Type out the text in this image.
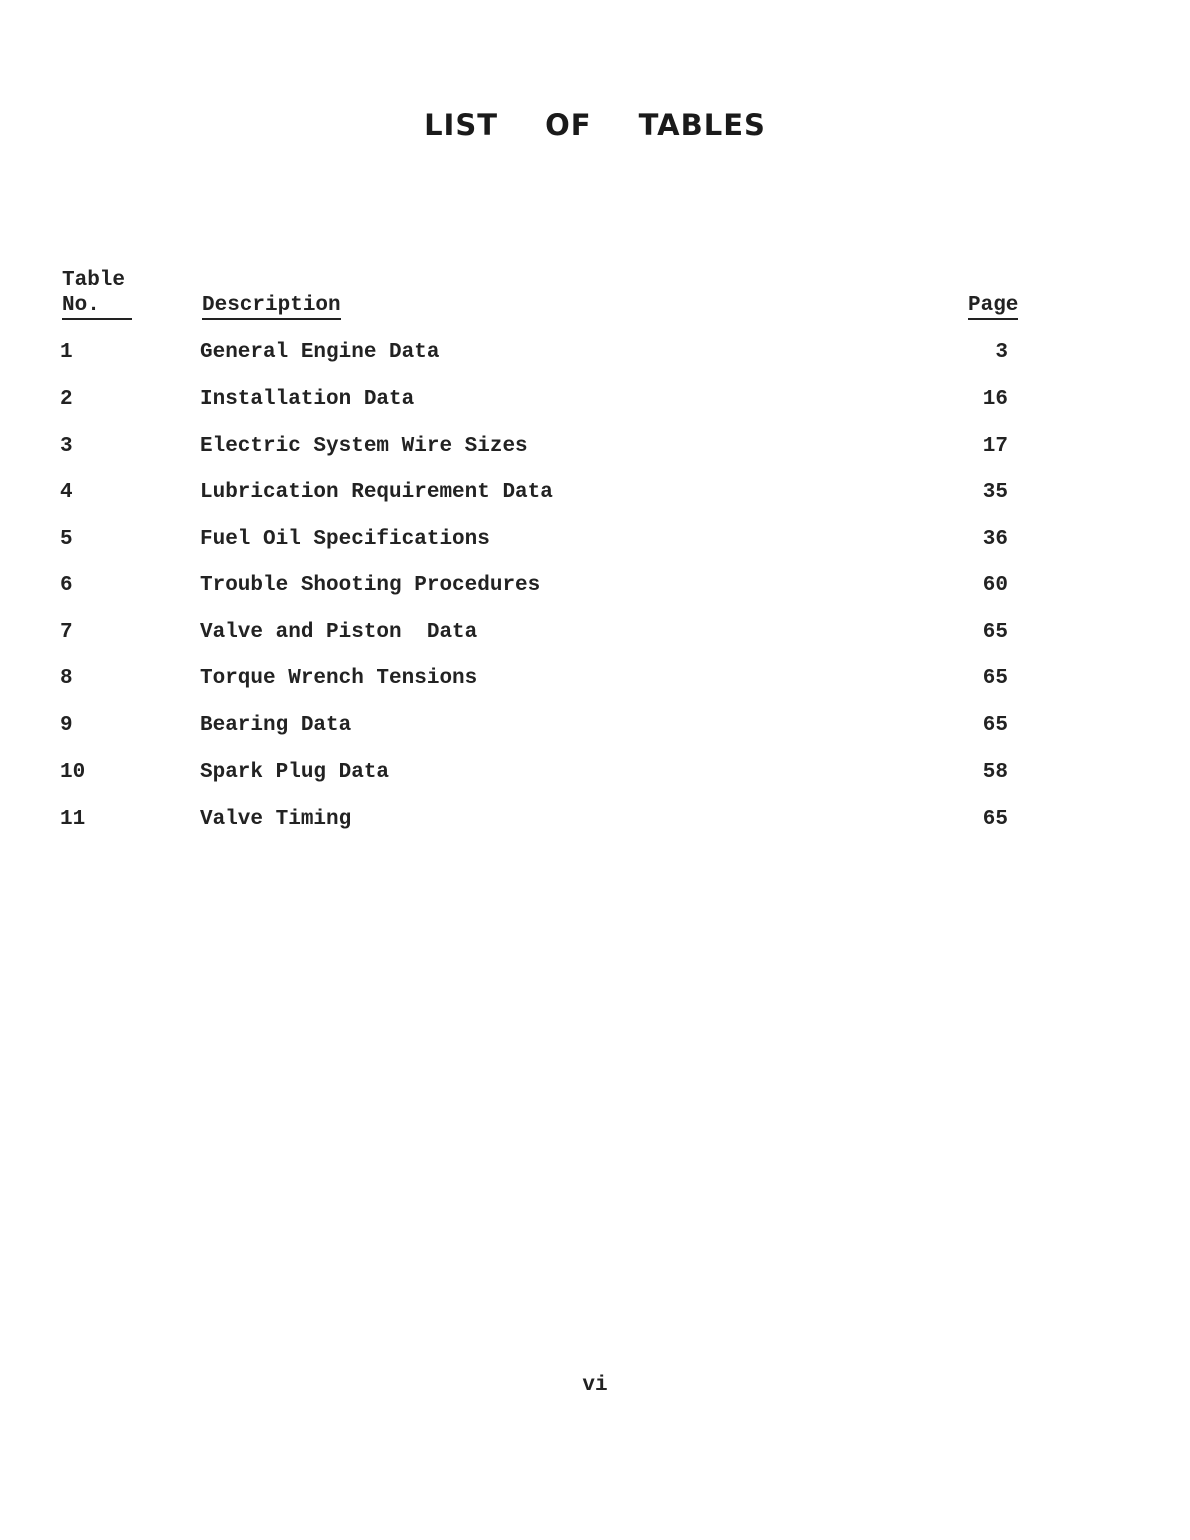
LIST OF TABLES
Table
No.	Description	Page
1	General Engine Data	3
2	Installation Data	16
3	Electric System Wire Sizes	17
4	Lubrication Requirement Data	35
5	Fuel Oil Specifications	36
6	Trouble Shooting Procedures	60
7	Valve and Piston  Data	65
8	Torque Wrench Tensions	65
9	Bearing Data	65
10	Spark Plug Data	58
11	Valve Timing	65
vi
